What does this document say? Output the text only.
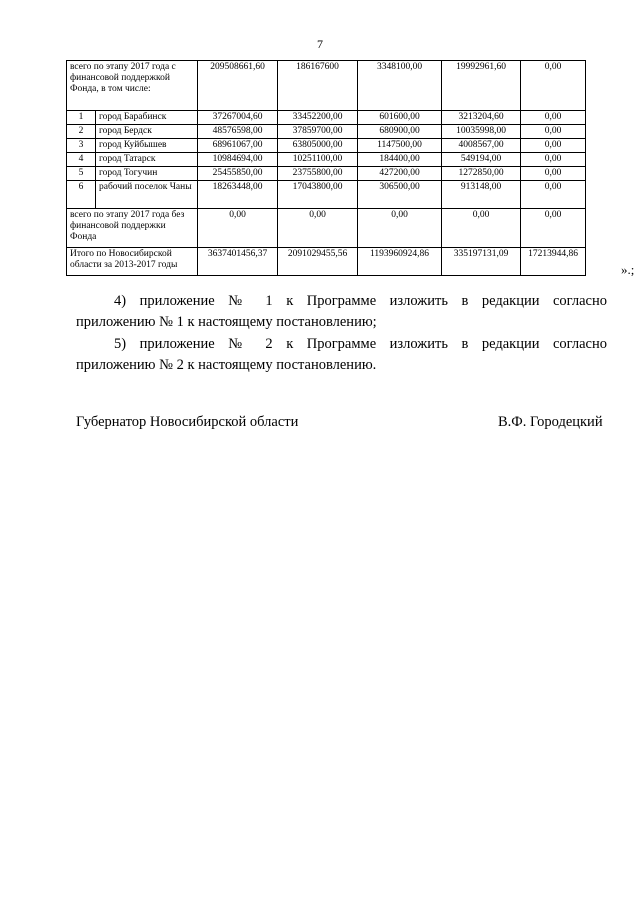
7
всего по этапу 2017 года с финансовой поддержкой Фонда, в том числе:		209508661,60	186167600	3348100,00	19992961,60	0,00
1	город Барабинск	37267004,60	33452200,00	601600,00	3213204,60	0,00
2	город Бердск	48576598,00	37859700,00	680900,00	10035998,00	0,00
3	город Куйбышев	68961067,00	63805000,00	1147500,00	4008567,00	0,00
4	город Татарск	10984694,00	10251100,00	184400,00	549194,00	0,00
5	город Тогучин	25455850,00	23755800,00	427200,00	1272850,00	0,00
6	рабочий поселок Чаны	18263448,00	17043800,00	306500,00	913148,00	0,00
всего по этапу 2017 года без финансовой поддержки Фонда		0,00	0,00	0,00	0,00	0,00
Итого по Новосибирской области за 2013-2017 годы		3637401456,37	2091029455,56	1193960924,86	335197131,09	17213944,86
».;
4) приложение № 1 к Программе изложить в редакции согласно
приложению № 1 к настоящему постановлению;
5) приложение № 2 к Программе изложить в редакции согласно
приложению № 2 к настоящему постановлению.
Губернатор Новосибирской области	В.Ф. Городецкий
